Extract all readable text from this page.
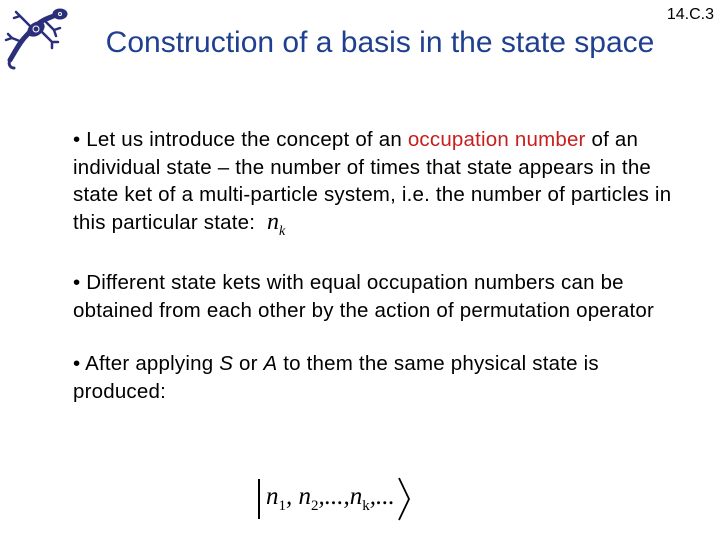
14.C.3
Construction of a basis in the state space

• Let us introduce the concept of an occupation number of an individual state – the number of times that state appears in the state ket of a multi-particle system, i.e. the number of particles in this particular state: $n_k$

• Different state kets with equal occupation numbers can be obtained from each other by the action of permutation operator

• After applying S or A to them the same physical state is produced:

$n_1$, $n_2,...,n_k$,...
